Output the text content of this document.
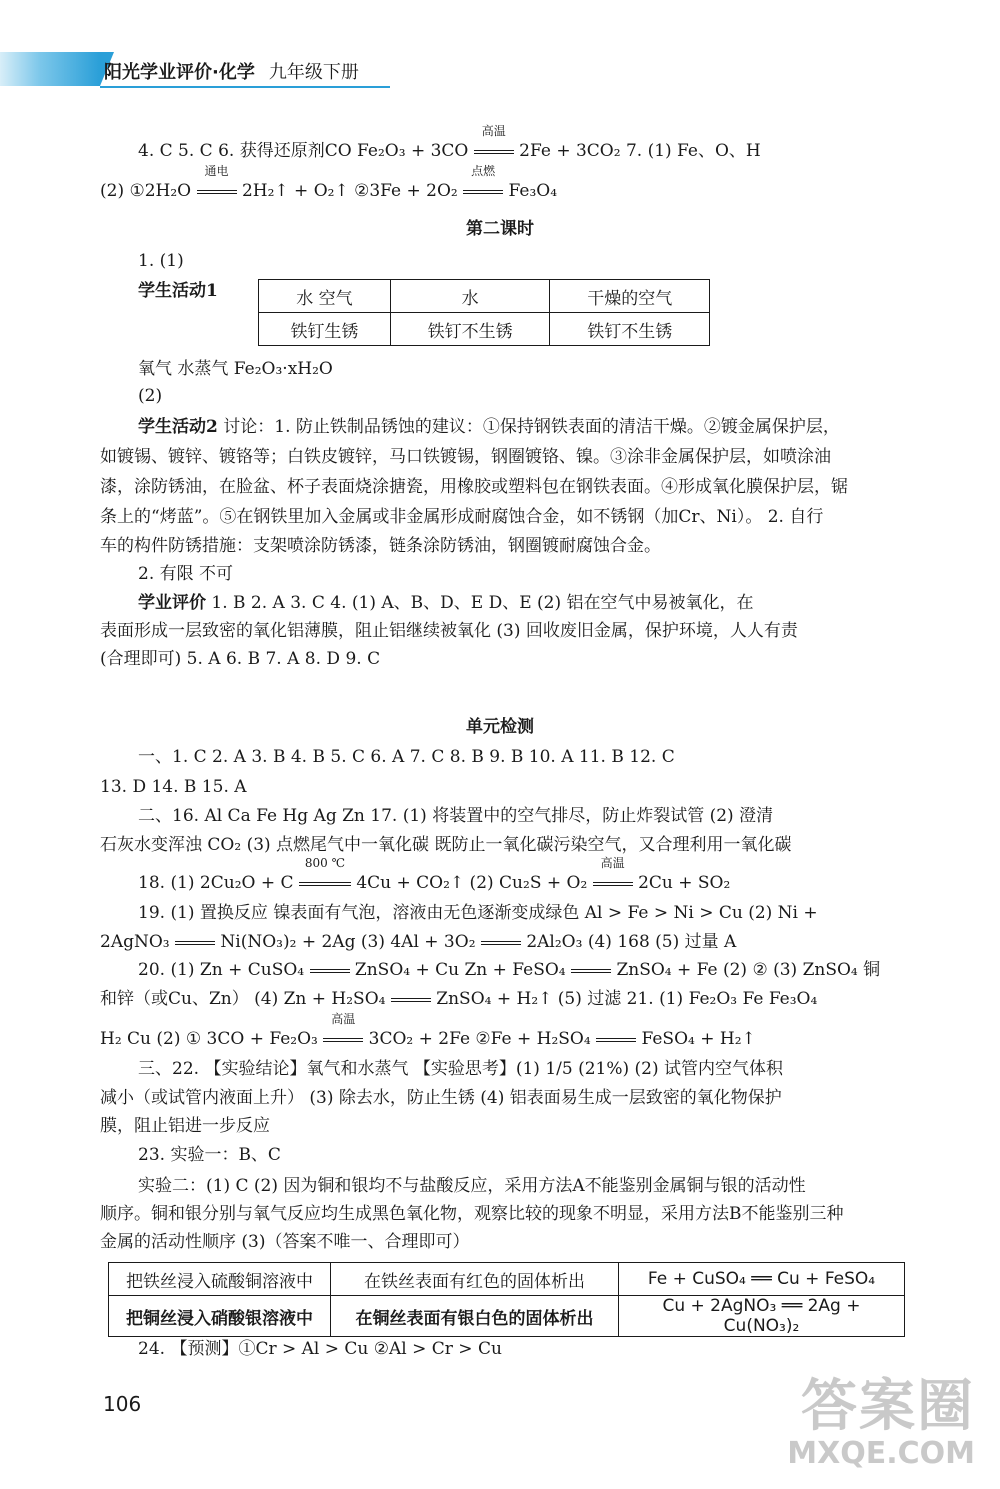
阳光学业评价·化学 九年级下册
4. C 5. C 6. 获得还原剂CO Fe₂O₃ + 3CO
高温
2Fe + 3CO₂ 7. (1) Fe、O、H
(2) ①2H₂O
通电
2H₂↑ + O₂↑ ②3Fe + 2O₂
点燃
Fe₃O₄
第二课时
1. (1)
学生活动1	水 空气	水	干燥的空气
铁钉生锈	铁钉不生锈	铁钉不生锈
氧气 水蒸气 Fe₂O₃·xH₂O
(2)
学生活动2 讨论：1. 防止铁制品锈蚀的建议：①保持钢铁表面的清洁干燥。②镀金属保护层，
如镀锡、镀锌、镀铬等；白铁皮镀锌，马口铁镀锡，钢圈镀铬、镍。③涂非金属保护层，如喷涂油
漆，涂防锈油，在脸盆、杯子表面烧涂搪瓷，用橡胶或塑料包在钢铁表面。④形成氧化膜保护层，锯
条上的“烤蓝”。⑤在钢铁里加入金属或非金属形成耐腐蚀合金，如不锈钢（加Cr、Ni）。 2. 自行
车的构件防锈措施：支架喷涂防锈漆，链条涂防锈油，钢圈镀耐腐蚀合金。
2. 有限 不可
学业评价 1. B 2. A 3. C 4. (1) A、B、D、E D、E (2) 铝在空气中易被氧化，在
表面形成一层致密的氧化铝薄膜，阻止铝继续被氧化 (3) 回收废旧金属，保护环境，人人有责
(合理即可) 5. A 6. B 7. A 8. D 9. C
单元检测
一、1. C 2. A 3. B 4. B 5. C 6. A 7. C 8. B 9. B 10. A 11. B 12. C
13. D 14. B 15. A
二、16. Al Ca Fe Hg Ag Zn 17. (1) 将装置中的空气排尽，防止炸裂试管 (2) 澄清
石灰水变浑浊 CO₂ (3) 点燃尾气中一氧化碳 既防止一氧化碳污染空气，又合理利用一氧化碳
18. (1) 2Cu₂O + C
800 ℃
4Cu + CO₂↑ (2) Cu₂S + O₂
高温
2Cu + SO₂
19. (1) 置换反应 镍表面有气泡，溶液由无色逐渐变成绿色 Al > Fe > Ni > Cu (2) Ni +
2AgNO₃	Ni(NO₃)₂ + 2Ag (3) 4Al + 3O₂	2Al₂O₃ (4) 168 (5) 过量 A
20. (1) Zn + CuSO₄	ZnSO₄ + Cu Zn + FeSO₄	ZnSO₄ + Fe (2) ② (3) ZnSO₄ 铜
和锌（或Cu、Zn） (4) Zn + H₂SO₄	ZnSO₄ + H₂↑ (5) 过滤 21. (1) Fe₂O₃ Fe Fe₃O₄
H₂ Cu (2) ① 3CO + Fe₂O₃
高温
3CO₂ + 2Fe ②Fe + H₂SO₄	FeSO₄ + H₂↑
三、22. 【实验结论】氧气和水蒸气 【实验思考】(1) 1/5 (21%) (2) 试管内空气体积
减小（或试管内液面上升） (3) 除去水，防止生锈 (4) 铝表面易生成一层致密的氧化物保护
膜，阻止铝进一步反应
23. 实验一：B、C
实验二：(1) C (2) 因为铜和银均不与盐酸反应，采用方法A不能鉴别金属铜与银的活动性
顺序。铜和银分别与氧气反应均生成黑色氧化物，观察比较的现象不明显，采用方法B不能鉴别三种
金属的活动性顺序 (3)（答案不唯一、合理即可）
把铁丝浸入硫酸铜溶液中	在铁丝表面有红色的固体析出	Fe + CuSO₄ ══ Cu + FeSO₄
把铜丝浸入硝酸银溶液中	在铜丝表面有银白色的固体析出	Cu + 2AgNO₃ ══ 2Ag + Cu(NO₃)₂
24. 【预测】①Cr > Al > Cu ②Al > Cr > Cu
106	答案圈
MXQE.COM
